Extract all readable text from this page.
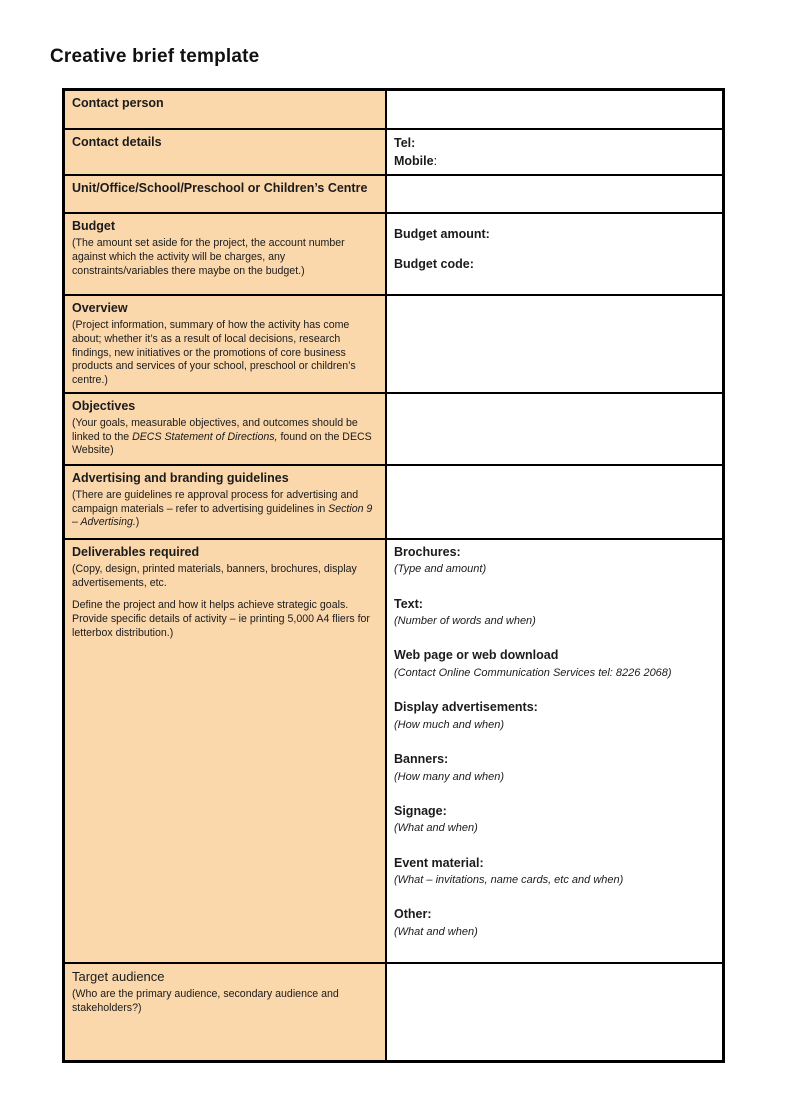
Creative brief template
Contact person
Contact details	Tel:
Mobile:
Unit/Office/School/Preschool or Children’s Centre
Budget
(The amount set aside for the project, the account number against which the activity will be charges, any constraints/variables there maybe on the budget.)
Budget amount:
Budget code:
Overview
(Project information, summary of how the activity has come about; whether it’s as a result of local decisions, research findings, new initiatives or the promotions of core business products and services of your school, preschool or children’s centre.)
Objectives
(Your goals, measurable objectives, and outcomes should be linked to the DECS Statement of Directions, found on the DECS Website)
Advertising and branding guidelines
(There are guidelines re approval process for advertising and campaign materials – refer to advertising guidelines in Section 9 – Advertising.)
Deliverables required
(Copy, design, printed materials, banners, brochures, display advertisements, etc.
Define the project and how it helps achieve strategic goals. Provide specific details of activity – ie printing 5,000 A4 fliers for letterbox distribution.)
Brochures:
(Type and amount)
Text:
(Number of words and when)
Web page or web download
(Contact Online Communication Services tel: 8226 2068)
Display advertisements:
(How much and when)
Banners:
(How many and when)
Signage:
(What and when)
Event material:
(What – invitations, name cards, etc and when)
Other:
(What and when)
Target audience
(Who are the primary audience, secondary audience and stakeholders?)
